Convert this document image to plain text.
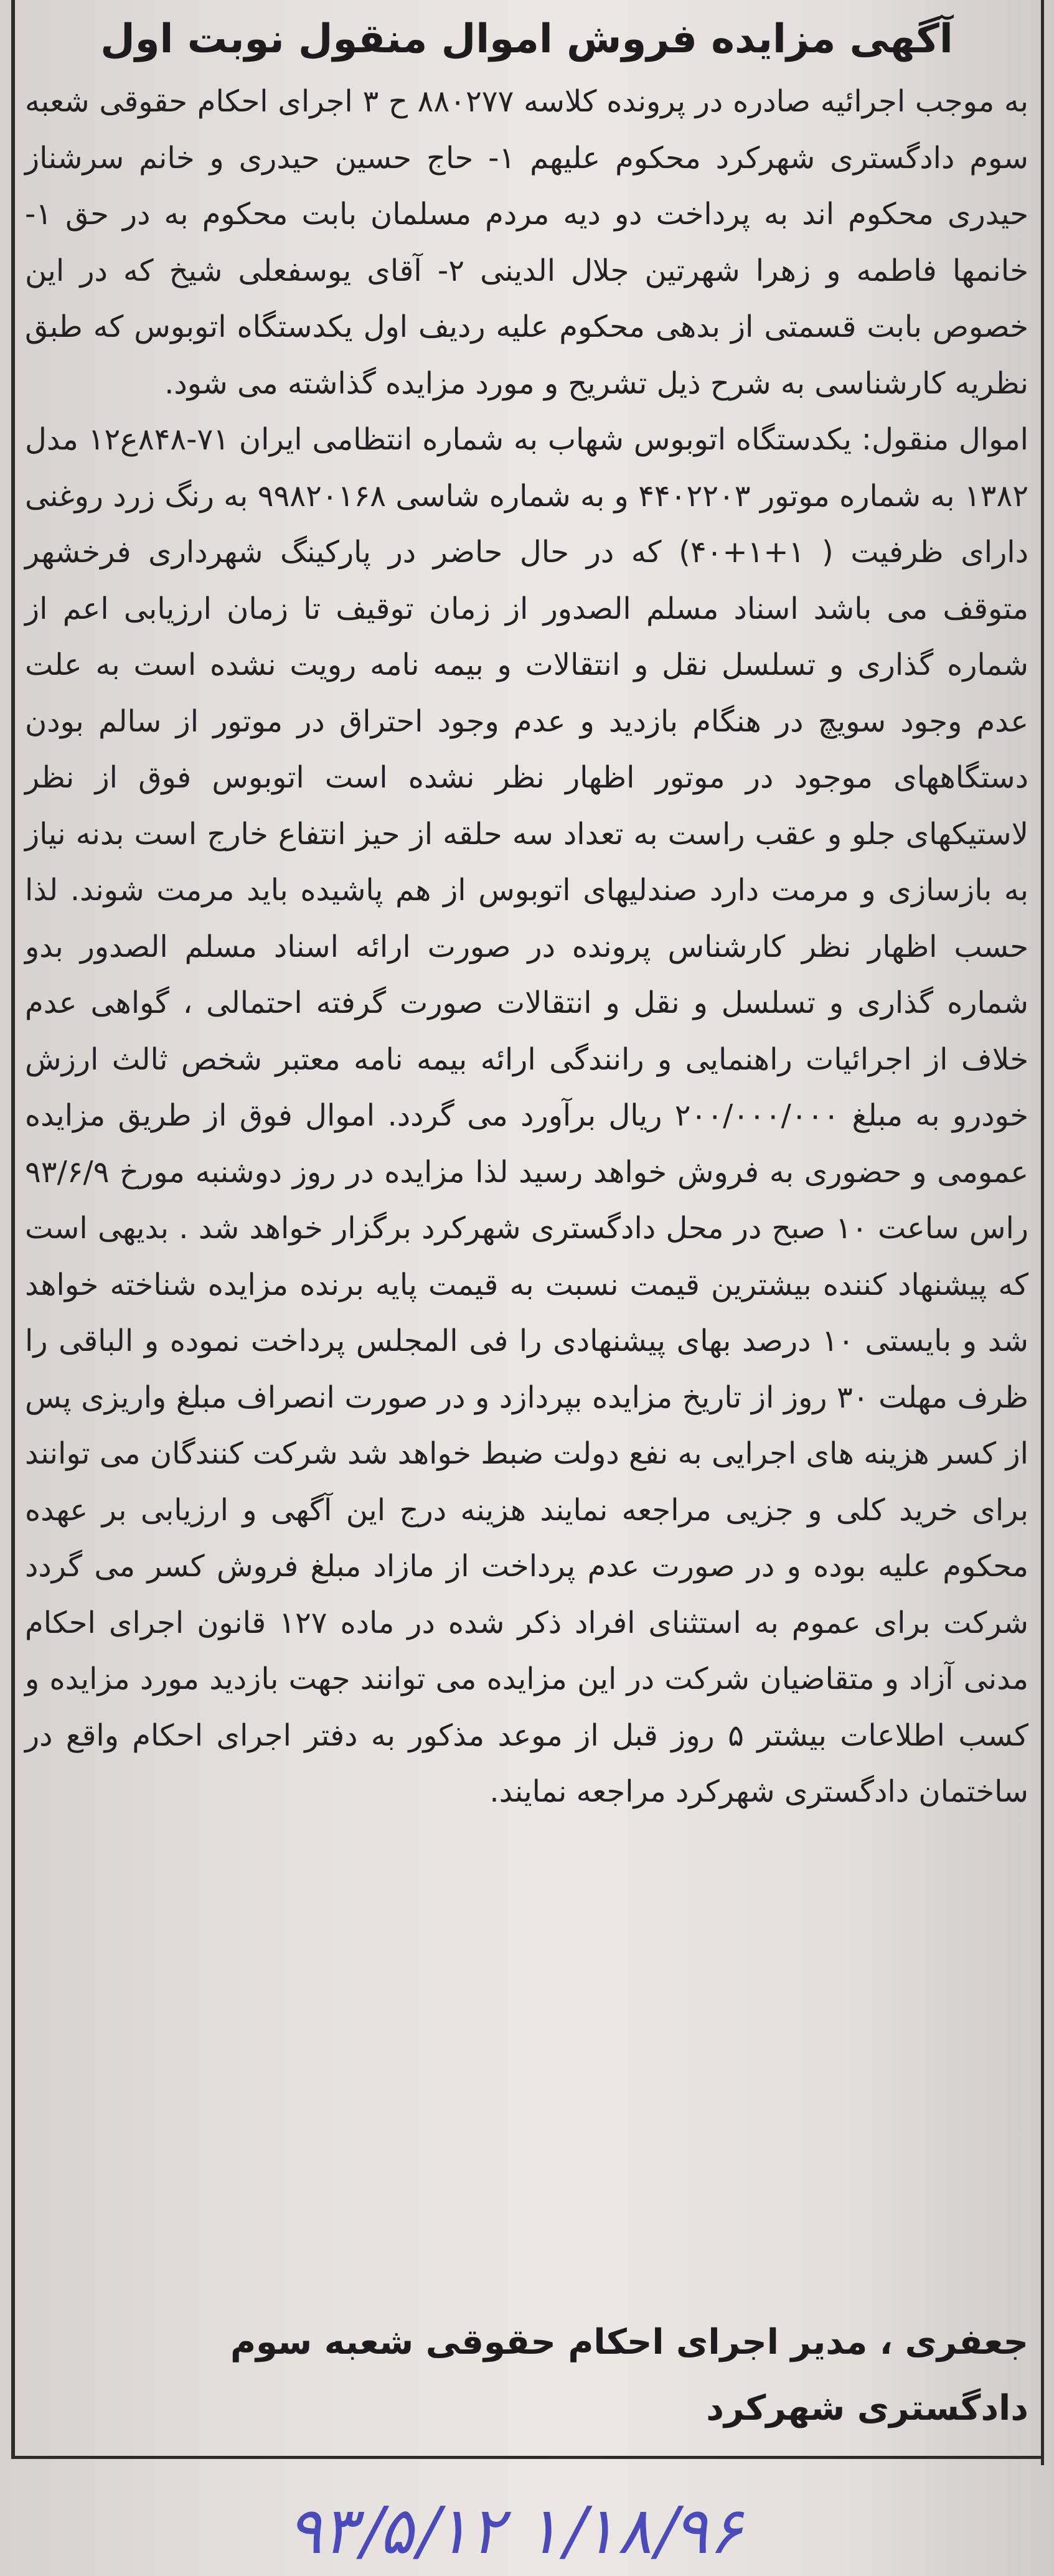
آگهی مزایده فروش اموال منقول نوبت اول

به موجب اجرائیه صادره در پرونده کلاسه ۸۸۰۲۷۷ ح ۳ اجرای احکام حقوقی شعبه سوم دادگستری شهرکرد محکوم علیهم ۱- حاج حسین حیدری و خانم سرشناز حیدری محکوم اند به پرداخت دو دیه مردم مسلمان بابت محکوم به در حق ۱- خانمها فاطمه و زهرا شهرتین جلال الدینی ۲- آقای یوسفعلی شیخ که در این خصوص بابت قسمتی از بدهی محکوم علیه ردیف اول یکدستگاه اتوبوس که طبق نظریه کارشناسی به شرح ذیل تشریح و مورد مزایده گذاشته می شود.

اموال منقول: یکدستگاه اتوبوس شهاب به شماره انتظامی ایران ۷۱-۸۴۸ع۱۲ مدل ۱۳۸۲ به شماره موتور ۴۴۰۲۲۰۳ و به شماره شاسی ۹۹۸۲۰۱۶۸ به رنگ زرد روغنی دارای ظرفیت ( ۱+۱+۴۰) که در حال حاضر در پارکینگ شهرداری فرخشهر متوقف می باشد اسناد مسلم الصدور از زمان توقیف تا زمان ارزیابی اعم از شماره گذاری و تسلسل نقل و انتقالات و بیمه نامه رویت نشده است به علت عدم وجود سویچ در هنگام بازدید و عدم وجود احتراق در موتور از سالم بودن دستگاههای موجود در موتور اظهار نظر نشده است اتوبوس فوق از نظر لاستیکهای جلو و عقب راست به تعداد سه حلقه از حیز انتفاع خارج است بدنه نیاز به بازسازی و مرمت دارد صندلیهای اتوبوس از هم پاشیده باید مرمت شوند. لذا حسب اظهار نظر کارشناس پرونده در صورت ارائه اسناد مسلم الصدور بدو شماره گذاری و تسلسل و نقل و انتقالات صورت گرفته احتمالی ، گواهی عدم خلاف از اجرائیات راهنمایی و رانندگی ارائه بیمه نامه معتبر شخص ثالث ارزش خودرو به مبلغ ۲۰۰/۰۰۰/۰۰۰ ریال برآورد می گردد. اموال فوق از طریق مزایده عمومی و حضوری به فروش خواهد رسید لذا مزایده در روز دوشنبه مورخ ۹۳/۶/۹ راس ساعت ۱۰ صبح در محل دادگستری شهرکرد برگزار خواهد شد . بدیهی است که پیشنهاد کننده بیشترین قیمت نسبت به قیمت پایه برنده مزایده شناخته خواهد شد و بایستی ۱۰ درصد بهای پیشنهادی را فی المجلس پرداخت نموده و الباقی را ظرف مهلت ۳۰ روز از تاریخ مزایده بپردازد و در صورت انصراف مبلغ واریزی پس از کسر هزینه های اجرایی به نفع دولت ضبط خواهد شد شرکت کنندگان می توانند برای خرید کلی و جزیی مراجعه نمایند هزینه درج این آگهی و ارزیابی بر عهده محکوم علیه بوده و در صورت عدم پرداخت از مازاد مبلغ فروش کسر می گردد شرکت برای عموم به استثنای افراد ذکر شده در ماده ۱۲۷ قانون اجرای احکام مدنی آزاد و متقاضیان شرکت در این مزایده می توانند جهت بازدید مورد مزایده و کسب اطلاعات بیشتر ۵ روز قبل از موعد مذکور به دفتر اجرای احکام واقع در ساختمان دادگستری شهرکرد مراجعه نمایند.

جعفری ، مدیر اجرای احکام حقوقی شعبه سوم

دادگستری شهرکرد

۹۳/۵/۱۲ ۱/۱۸/۹۶
